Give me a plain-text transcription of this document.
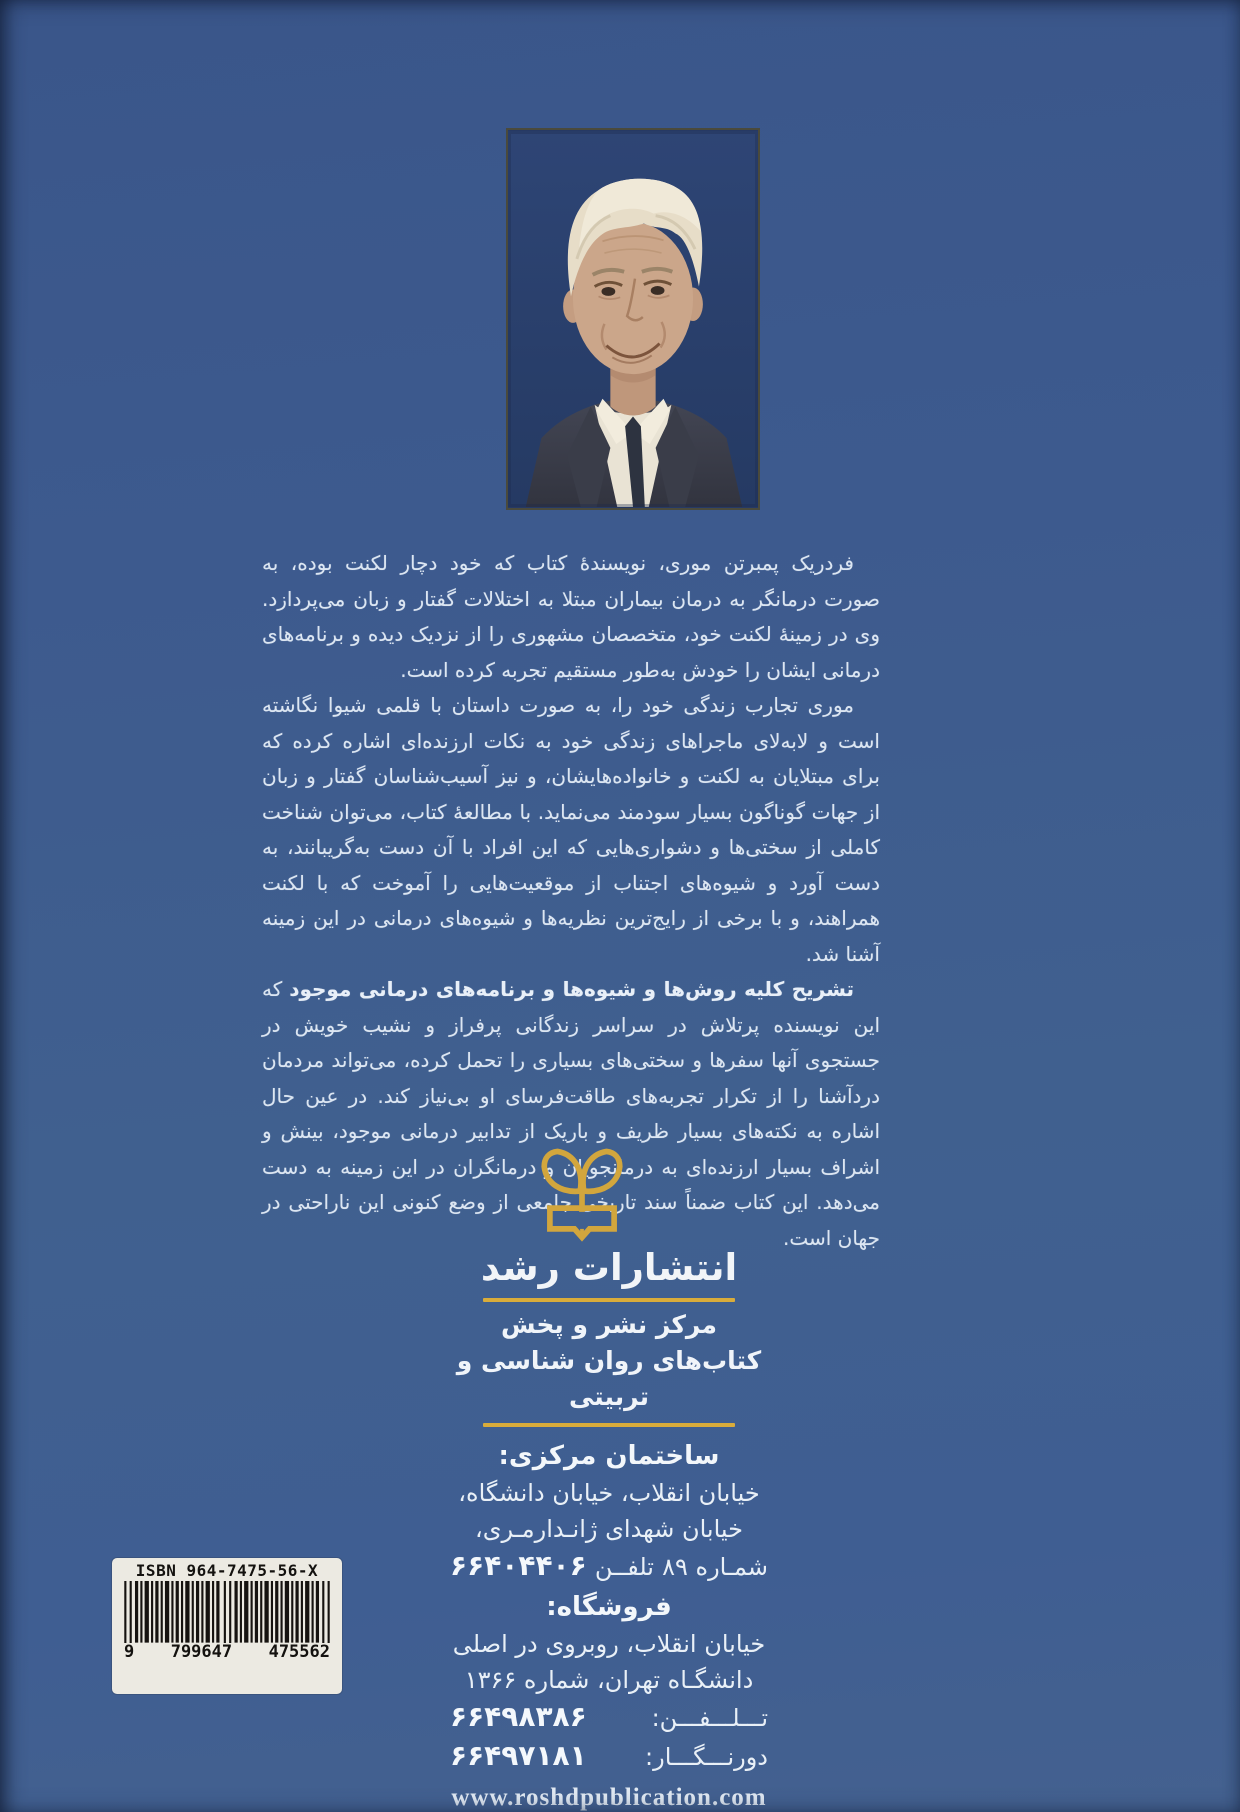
فردریک پمبرتن موری، نویسندهٔ کتاب که خود دچار لکنت بوده، به صورت درمانگر به درمان بیماران مبتلا به اختلالات گفتار و زبان می‌پردازد. وی در زمینهٔ لکنت خود، متخصصان مشهوری را از نزدیک دیده و برنامه‌های درمانی ایشان را خودش به‌طور مستقیم تجربه کرده است.

موری تجارب زندگی خود را، به صورت داستان با قلمی شیوا نگاشته است و لابه‌لای ماجراهای زندگی خود به نکات ارزنده‌ای اشاره کرده که برای مبتلایان به لکنت و خانواده‌هایشان، و نیز آسیب‌شناسان گفتار و زبان از جهات گوناگون بسیار سودمند می‌نماید. با مطالعهٔ کتاب، می‌توان شناخت کاملی از سختی‌ها و دشواری‌هایی که این افراد با آن دست به‌گریبانند، به دست آورد و شیوه‌های اجتناب از موقعیت‌هایی را آموخت که با لکنت همراهند، و با برخی از رایج‌ترین نظریه‌ها و شیوه‌های درمانی در این زمینه آشنا شد.

تشریح کلیه روش‌ها و شیوه‌ها و برنامه‌های درمانی موجود که این نویسنده پرتلاش در سراسر زندگانی پرفراز و نشیب خویش در جستجوی آنها سفرها و سختی‌های بسیاری را تحمل کرده، می‌تواند مردمان دردآشنا را از تکرار تجربه‌های طاقت‌فرسای او بی‌نیاز کند. در عین حال اشاره به نکته‌های بسیار ظریف و باریک از تدابیر درمانی موجود، بینش و اشراف بسیار ارزنده‌ای به درمانجویان و درمانگران در این زمینه به دست می‌دهد. این کتاب ضمناً سند تاریخی جامعی از وضع کنونی این ناراحتی در جهان است.

انتشارات رشد
مرکز نشر و پخش
کتاب‌های روان شناسی و تربیتی
ساختمان مرکزی:
خیابان انقلاب، خیابان دانشگاه،
خیابان شهدای ژانـدارمـری،
شمـاره ۸۹
تلفــن
۶۶۴۰۴۴۰۶
فروشگاه:
خیابان انقلاب، روبروی در اصلی
دانشگـاه تهران، شماره ۱۳۶۶
تـــلـــفـــن:
۶۶۴۹۸۳۸۶
دورنـــگـــار:
۶۶۴۹۷۱۸۱
www.roshdpublication.com
ISBN 964-7475-56-X
9 799647 475562
